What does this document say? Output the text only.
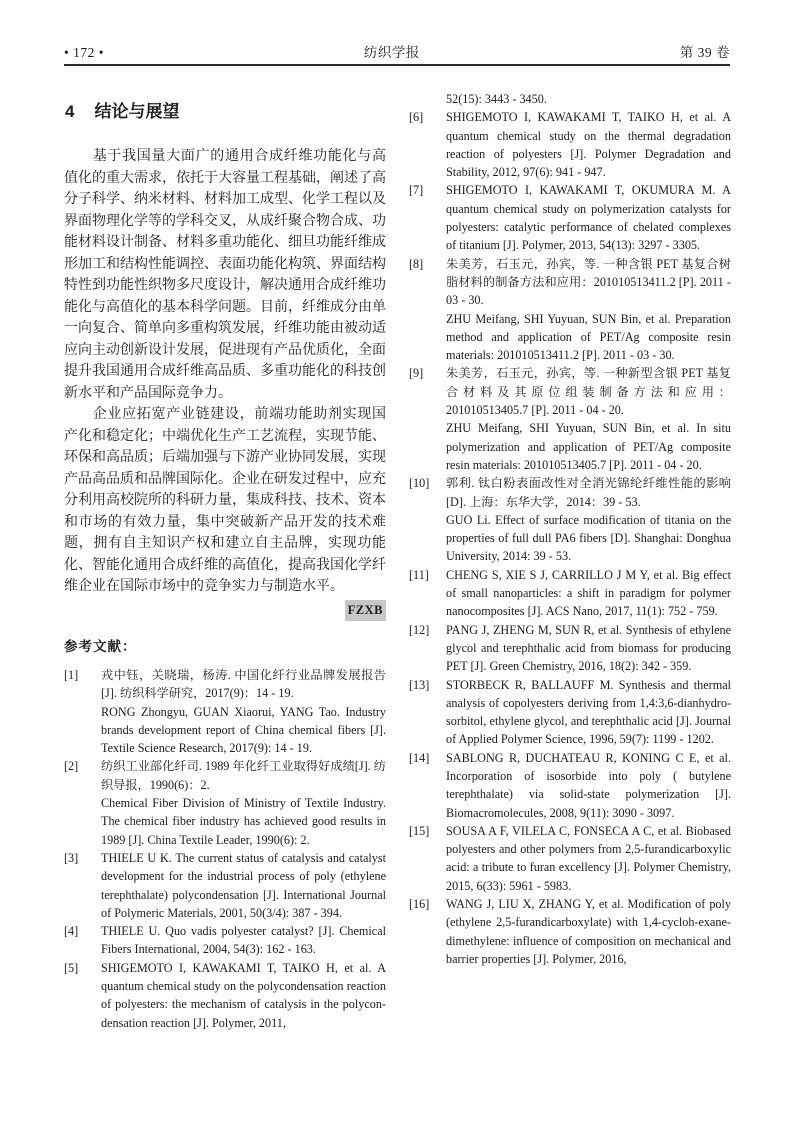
• 172 •	纺织学报	第 39 卷
4 结论与展望

基于我国量大面广的通用合成纤维功能化与高值化的重大需求，依托于大容量工程基础，阐述了高分子科学、纳米材料、材料加工成型、化学工程以及界面物理化学等的学科交叉，从成纤聚合物合成、功能材料设计制备、材料多重功能化、细旦功能纤维成形加工和结构性能调控、表面功能化构筑、界面结构特性到功能性织物多尺度设计，解决通用合成纤维功能化与高值化的基本科学问题。目前，纤维成分由单一向复合、简单向多重构筑发展，纤维功能由被动适应向主动创新设计发展，促进现有产品优质化，全面提升我国通用合成纤维高品质、多重功能化的科技创新水平和产品国际竞争力。

企业应拓宽产业链建设，前端功能助剂实现国产化和稳定化；中端优化生产工艺流程，实现节能、环保和高品质；后端加强与下游产业协同发展，实现产品高品质和品牌国际化。企业在研发过程中，应充分利用高校院所的科研力量，集成科技、技术、资本和市场的有效力量，集中突破新产品开发的技术难题，拥有自主知识产权和建立自主品牌，实现功能化、智能化通用合成纤维的高值化，提高我国化学纤维企业在国际市场中的竞争实力与制造水平。

FZXB
参考文献：
[1]	戎中钰，关晓瑞，杨涛. 中国化纤行业品牌发展报告[J]. 纺织科学研究，2017(9)：14 - 19.
RONG Zhongyu, GUAN Xiaorui, YANG Tao. Industry brands development report of China chemical fibers [J]. Textile Science Research, 2017(9): 14 - 19.
[2]	纺织工业部化纤司. 1989 年化纤工业取得好成绩[J]. 纺织导报，1990(6)：2.
Chemical Fiber Division of Ministry of Textile Industry. The chemical fiber industry has achieved good results in 1989 [J]. China Textile Leader, 1990(6): 2.
[3]	THIELE U K. The current status of catalysis and catalyst development for the industrial process of poly (ethylene terephthalate) polycondensation [J]. International Journal of Polymeric Materials, 2001, 50(3/4): 387 - 394.
[4]	THIELE U. Quo vadis polyester catalyst? [J]. Chemical Fibers International, 2004, 54(3): 162 - 163.
[5]	SHIGEMOTO I, KAWAKAMI T, TAIKO H, et al. A quantum chemical study on the polycondensation reaction of polyesters: the mechanism of catalysis in the polycon-densation reaction [J]. Polymer, 2011,
52(15): 3443 - 3450.
[6]	SHIGEMOTO I, KAWAKAMI T, TAIKO H, et al. A quantum chemical study on the thermal degradation reaction of polyesters [J]. Polymer Degradation and Stability, 2012, 97(6): 941 - 947.
[7]	SHIGEMOTO I, KAWAKAMI T, OKUMURA M. A quantum chemical study on polymerization catalysts for polyesters: catalytic performance of chelated complexes of titanium [J]. Polymer, 2013, 54(13): 3297 - 3305.
[8]	朱美芳，石玉元，孙宾，等. 一种含银 PET 基复合树脂材料的制备方法和应用：201010513411.2 [P]. 2011 - 03 - 30.
ZHU Meifang, SHI Yuyuan, SUN Bin, et al. Preparation method and application of PET/Ag composite resin materials: 201010513411.2 [P]. 2011 - 03 - 30.
[9]	朱美芳，石玉元，孙宾，等. 一种新型含银 PET 基复合材料及其原位组装制备方法和应用：201010513405.7 [P]. 2011 - 04 - 20.
ZHU Meifang, SHI Yuyuan, SUN Bin, et al. In situ polymerization and application of PET/Ag composite resin materials: 201010513405.7 [P]. 2011 - 04 - 20.
[10]	郭利. 钛白粉表面改性对全消光锦纶纤维性能的影响[D]. 上海：东华大学，2014：39 - 53.
GUO Li. Effect of surface modification of titania on the properties of full dull PA6 fibers [D]. Shanghai: Donghua University, 2014: 39 - 53.
[11]	CHENG S, XIE S J, CARRILLO J M Y, et al. Big effect of small nanoparticles: a shift in paradigm for polymer nanocomposites [J]. ACS Nano, 2017, 11(1): 752 - 759.
[12]	PANG J, ZHENG M, SUN R, et al. Synthesis of ethylene glycol and terephthalic acid from biomass for producing PET [J]. Green Chemistry, 2016, 18(2): 342 - 359.
[13]	STORBECK R, BALLAUFF M. Synthesis and thermal analysis of copolyesters deriving from 1,4:3,6-dianhydro-sorbitol, ethylene glycol, and terephthalic acid [J]. Journal of Applied Polymer Science, 1996, 59(7): 1199 - 1202.
[14]	SABLONG R, DUCHATEAU R, KONING C E, et al. Incorporation of isosorbide into poly ( butylene terephthalate) via solid-state polymerization [J]. Biomacromolecules, 2008, 9(11): 3090 - 3097.
[15]	SOUSA A F, VILELA C, FONSECA A C, et al. Biobased polyesters and other polymers from 2,5-furandicarboxylic acid: a tribute to furan excellency [J]. Polymer Chemistry, 2015, 6(33): 5961 - 5983.
[16]	WANG J, LIU X, ZHANG Y, et al. Modification of poly (ethylene 2,5-furandicarboxylate) with 1,4-cycloh-exane-dimethylene: influence of composition on mechanical and barrier properties [J]. Polymer, 2016,
